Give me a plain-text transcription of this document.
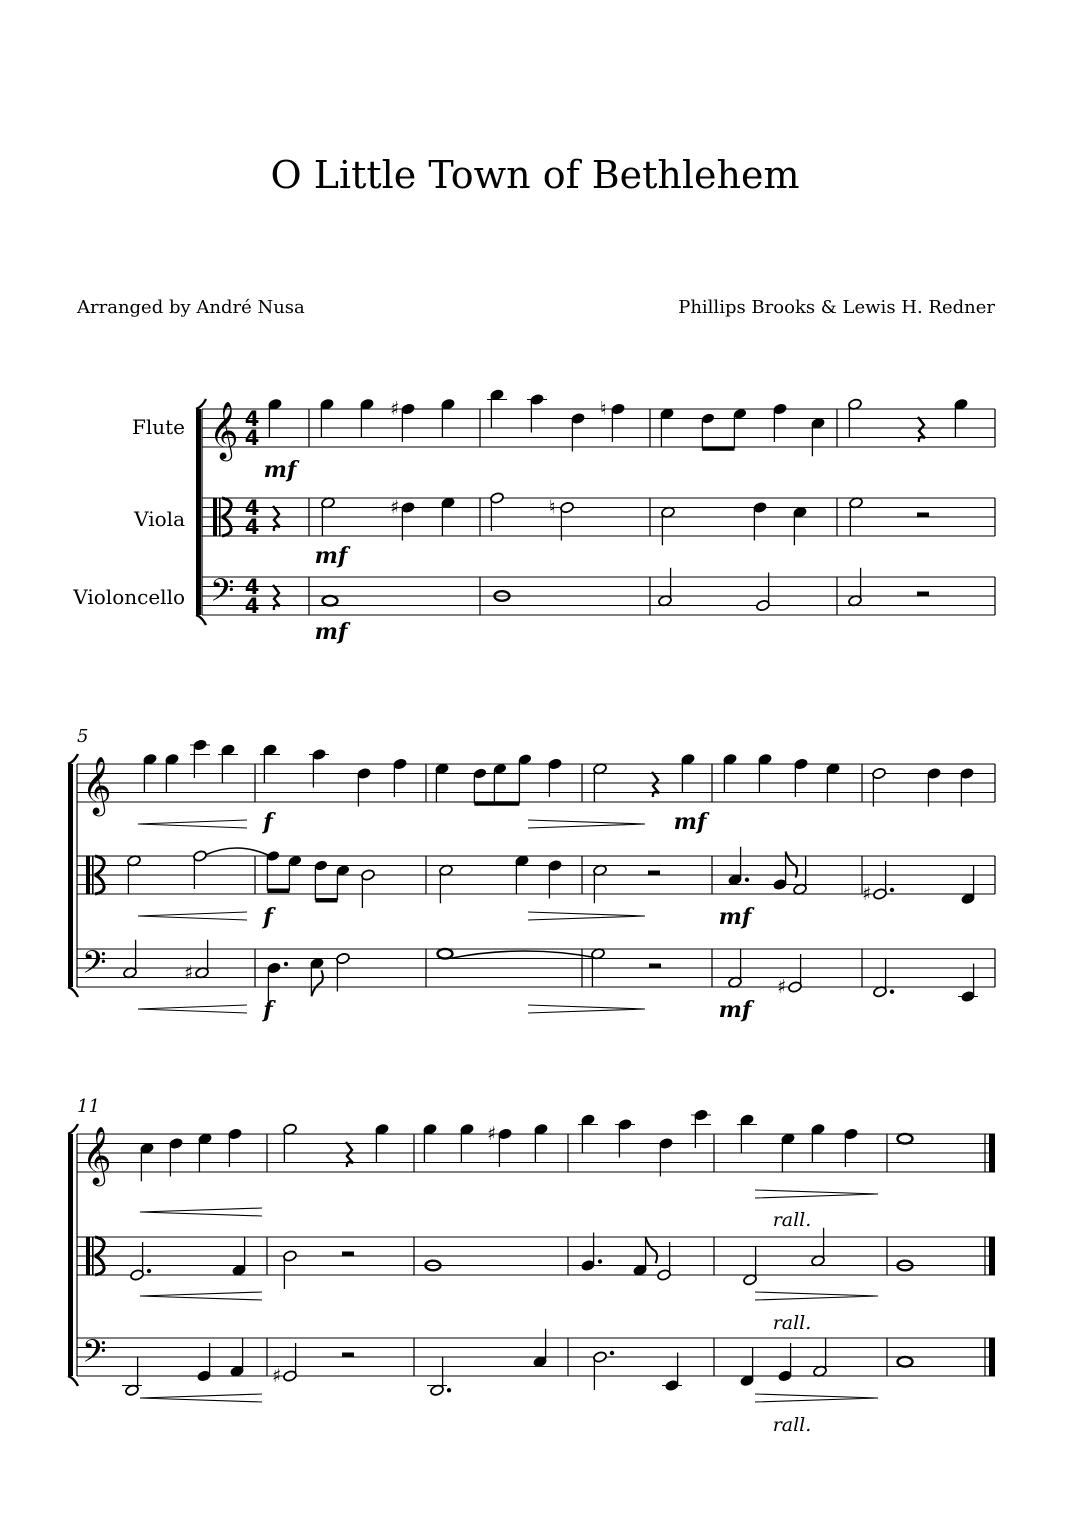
O Little Town of Bethlehem
Arranged by André Nusa	Phillips Brooks & Lewis H. Redner
Flute
Viola
Violoncello
5
11
𝄞
𝄢
4
4
4
4
4
4
♯	♮
mf
♯	♮
mf
mf
𝄞
𝄢
f	mf
♯
f	mf
♯
♯
f	mf
𝄞
𝄢
♯
rall.
rall.
♯
rall.
